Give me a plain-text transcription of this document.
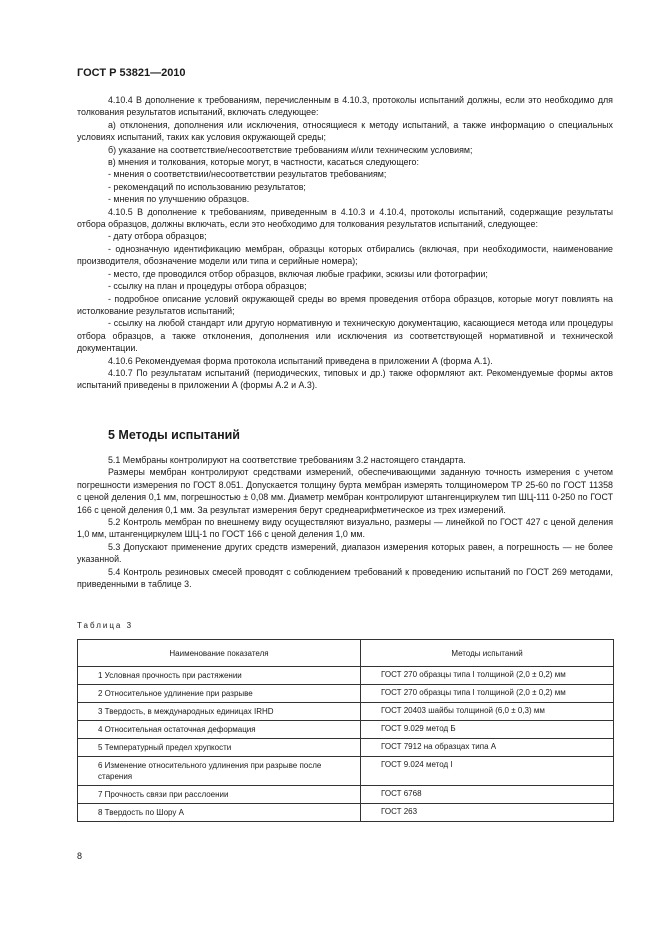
ГОСТ Р 53821—2010

4.10.4 В дополнение к требованиям, перечисленным в 4.10.3, протоколы испытаний должны, если это необходимо для толкования результатов испытаний, включать следующее:

а) отклонения, дополнения или исключения, относящиеся к методу испытаний, а также информацию о специальных условиях испытаний, таких как условия окружающей среды;

б) указание на соответствие/несоответствие требованиям и/или техническим условиям;

в) мнения и толкования, которые могут, в частности, касаться следующего:

- мнения о соответствии/несоответствии результатов требованиям;

- рекомендаций по использованию результатов;

- мнения по улучшению образцов.

4.10.5 В дополнение к требованиям, приведенным в 4.10.3 и 4.10.4, протоколы испытаний, содержащие результаты отбора образцов, должны включать, если это необходимо для толкования результатов испытаний, следующее:

- дату отбора образцов;

- однозначную идентификацию мембран, образцы которых отбирались (включая, при необходимости, наименование производителя, обозначение модели или типа и серийные номера);

- место, где проводился отбор образцов, включая любые графики, эскизы или фотографии;

- ссылку на план и процедуры отбора образцов;

- подробное описание условий окружающей среды во время проведения отбора образцов, которые могут повлиять на истолкование результатов испытаний;

- ссылку на любой стандарт или другую нормативную и техническую документацию, касающиеся метода или процедуры отбора образцов, а также отклонения, дополнения или исключения из соответствующей нормативной и технической документации.

4.10.6 Рекомендуемая форма протокола испытаний приведена в приложении А (форма А.1).

4.10.7 По результатам испытаний (периодических, типовых и др.) также оформляют акт. Рекомендуемые формы актов испытаний приведены в приложении А (формы А.2 и А.3).

5 Методы испытаний

5.1 Мембраны контролируют на соответствие требованиям 3.2 настоящего стандарта.

Размеры мембран контролируют средствами измерений, обеспечивающими заданную точность измерения с учетом погрешности измерения по ГОСТ 8.051. Допускается толщину бурта мембран измерять толщиномером ТР 25-60 по ГОСТ 11358 с ценой деления 0,1 мм, погрешностью ± 0,08 мм. Диаметр мембран контролируют штангенциркулем тип ШЦ-111 0-250 по ГОСТ 166 с ценой деления 0,1 мм. За результат измерения берут среднеарифметическое из трех измерений.

5.2 Контроль мембран по внешнему виду осуществляют визуально, размеры — линейкой по ГОСТ 427 с ценой деления 1,0 мм, штангенциркулем ШЦ-1 по ГОСТ 166 с ценой деления 1,0 мм.

5.3 Допускают применение других средств измерений, диапазон измерения которых равен, а погрешность — не более указанной.

5.4 Контроль резиновых смесей проводят с соблюдением требований к проведению испытаний по ГОСТ 269 методами, приведенными в таблице 3.

Таблица 3
Наименование показателя	Методы испытаний
1 Условная прочность при растяжении	ГОСТ 270 образцы типа I толщиной (2,0 ± 0,2) мм
2 Относительное удлинение при разрыве	ГОСТ 270 образцы типа I толщиной (2,0 ± 0,2) мм
3 Твердость, в международных единицах IRHD	ГОСТ 20403 шайбы толщиной (6,0 ± 0,3) мм
4 Относительная остаточная деформация	ГОСТ 9.029 метод Б
5 Температурный предел хрупкости	ГОСТ 7912 на образцах типа А
6 Изменение относительного удлинения при разрыве после старения	ГОСТ 9.024 метод I
7 Прочность связи при расслоении	ГОСТ 6768
8 Твердость по Шору А	ГОСТ 263
8
